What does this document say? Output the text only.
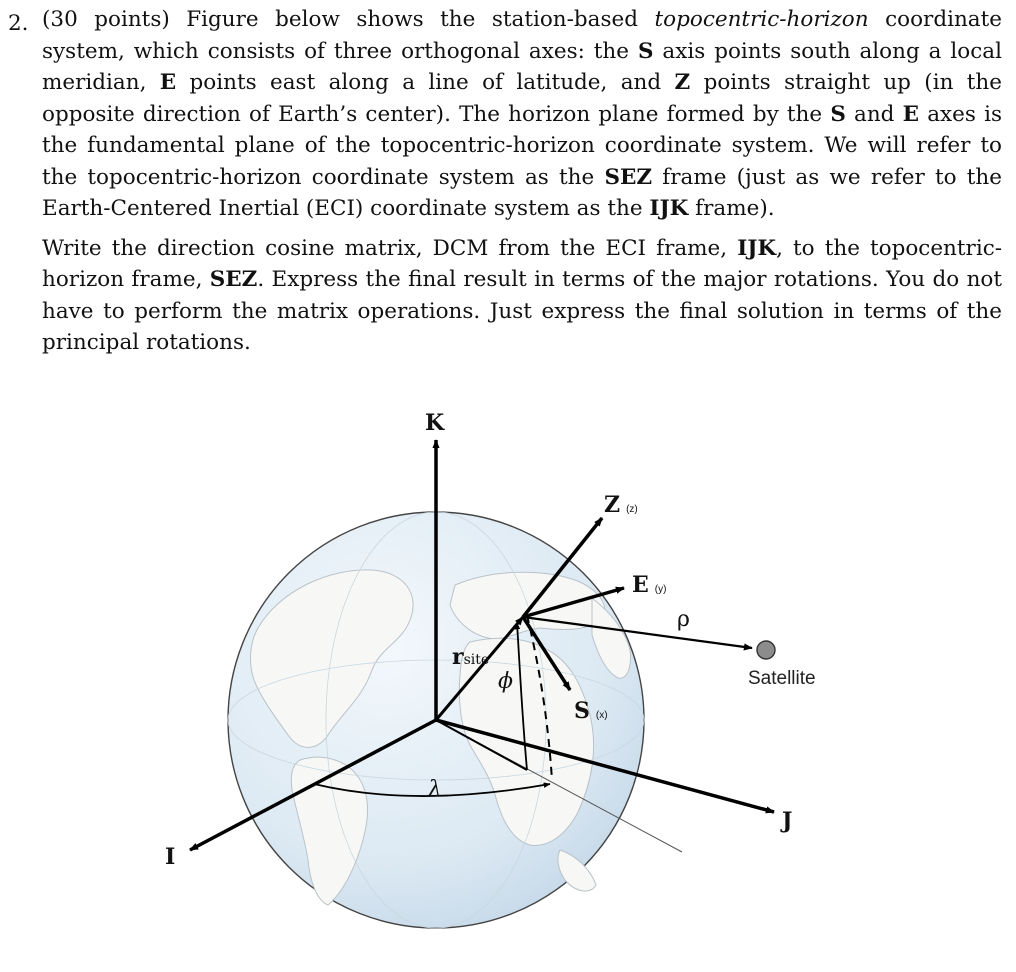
2. (30 points) Figure below shows the station-based topocentric-horizon coordinate system, which consists of three orthogonal axes: the S axis points south along a local meridian, E points east along a line of latitude, and Z points straight up (in the opposite direction of Earth’s center). The horizon plane formed by the S and E axes is the fundamental plane of the topocentric-horizon coordinate system. We will refer to the topocentric-horizon coordinate system as the SEZ frame (just as we refer to the Earth-Centered Inertial (ECI) coordinate system as the IJK frame).

Write the direction cosine matrix, DCM from the ECI frame, IJK, to the topocentric-horizon frame, SEZ. Express the final result in terms of the major rotations. You do not have to perform the matrix operations. Just express the final solution in terms of the principal rotations.

K
I
J
rsite
ϕ
λ
Z (z)
E (y)
S (x)
ρ
Satellite
